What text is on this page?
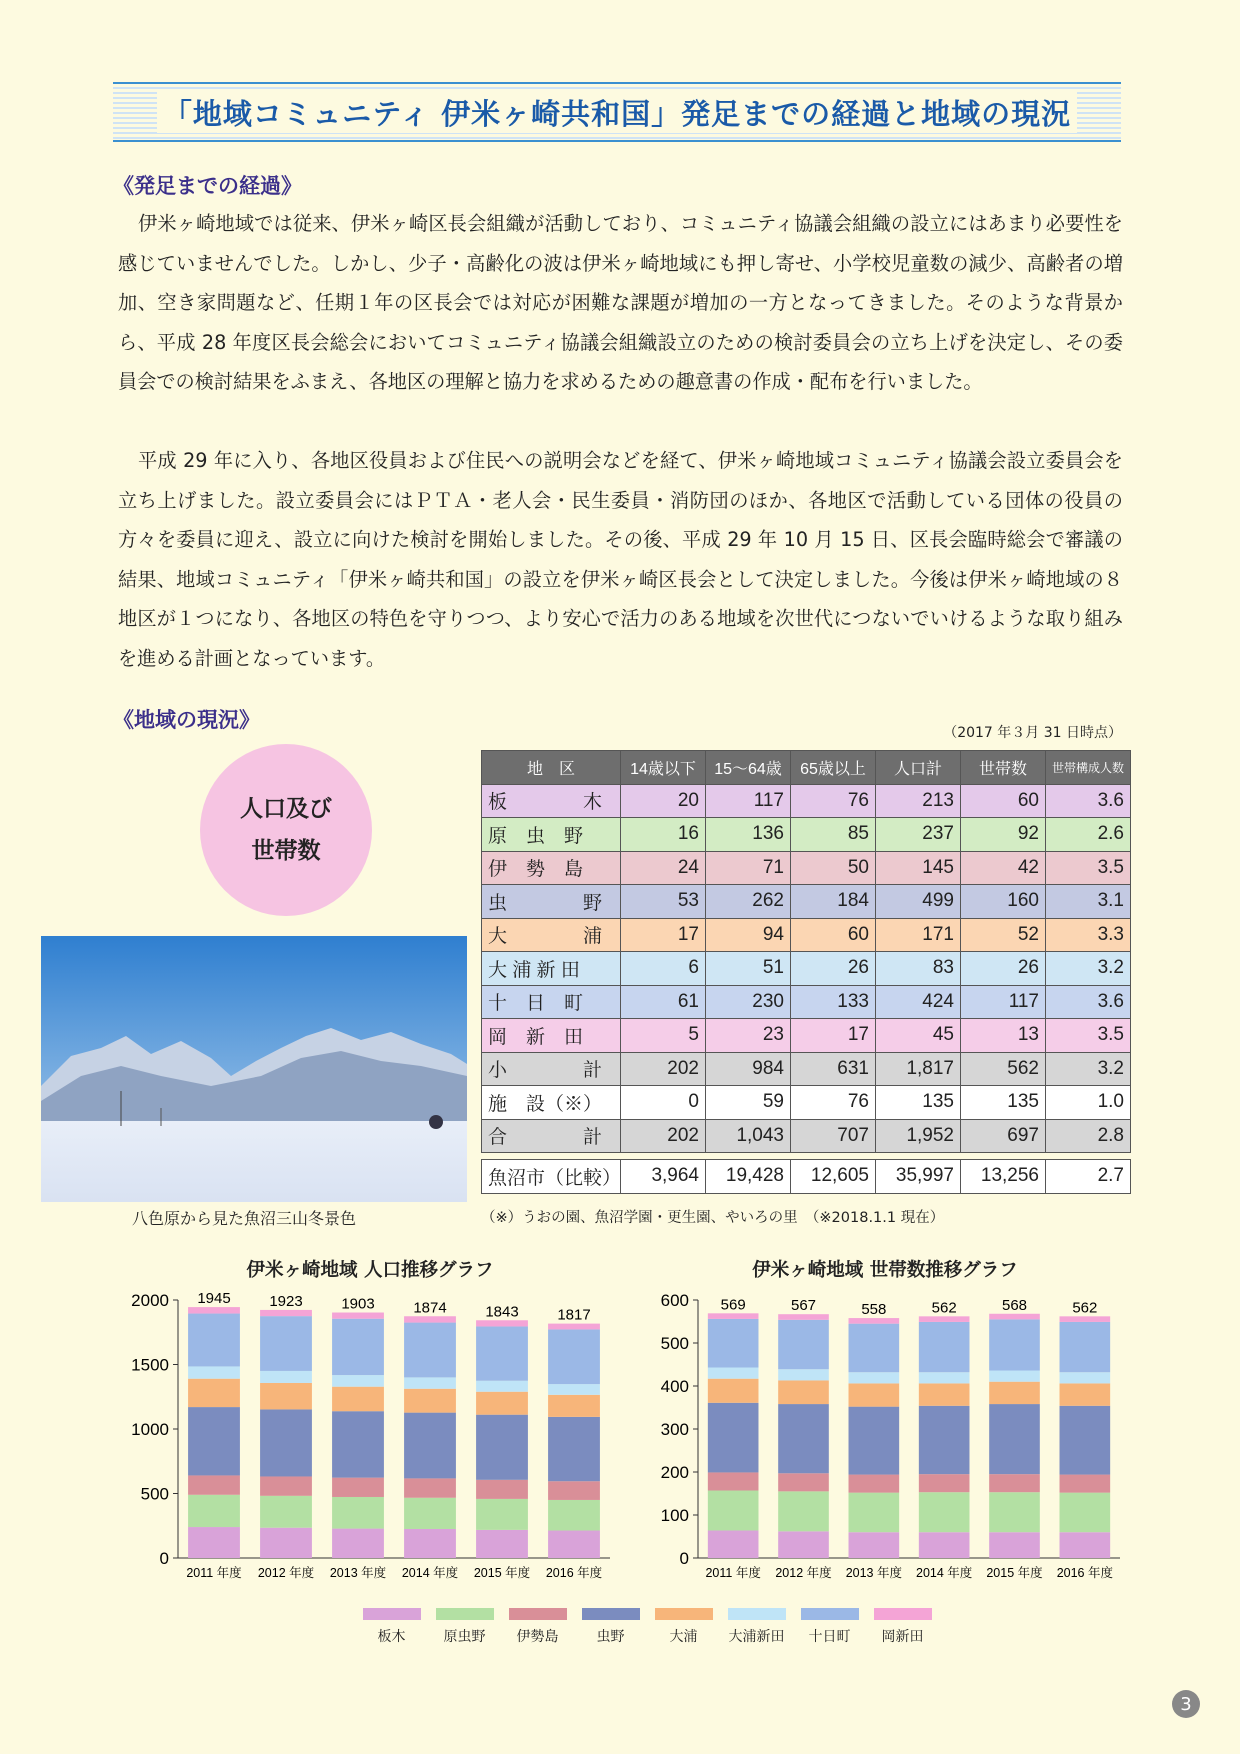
「地域コミュニティ 伊米ヶ崎共和国」発足までの経過と地域の現況
《発足までの経過》

伊米ヶ崎地域では従来、伊米ヶ崎区長会組織が活動しており、コミュニティ協議会組織の設立にはあまり必要性を感じていませんでした。しかし、少子・高齢化の波は伊米ヶ崎地域にも押し寄せ、小学校児童数の減少、高齢者の増加、空き家問題など、任期１年の区長会では対応が困難な課題が増加の一方となってきました。そのような背景から、平成 28 年度区長会総会においてコミュニティ協議会組織設立のための検討委員会の立ち上げを決定し、その委員会での検討結果をふまえ、各地区の理解と協力を求めるための趣意書の作成・配布を行いました。

平成 29 年に入り、各地区役員および住民への説明会などを経て、伊米ヶ崎地域コミュニティ協議会設立委員会を立ち上げました。設立委員会にはＰＴＡ・老人会・民生委員・消防団のほか、各地区で活動している団体の役員の方々を委員に迎え、設立に向けた検討を開始しました。その後、平成 29 年 10 月 15 日、区長会臨時総会で審議の結果、地域コミュニティ「伊米ヶ崎共和国」の設立を伊米ヶ崎区長会として決定しました。今後は伊米ヶ崎地域の８地区が１つになり、各地区の特色を守りつつ、より安心で活力のある地域を次世代につないでいけるような取り組みを進める計画となっています。

《地域の現況》
（2017 年３月 31 日時点）
人口及び
世帯数
八色原から見た魚沼三山冬景色
地　区	14歳以下	15〜64歳	65歳以上	人口計	世帯数	世帯構成人数
板　　　　木	20	117	76	213	60	3.6
原　虫　野	16	136	85	237	92	2.6
伊　勢　島	24	71	50	145	42	3.5
虫　　　　野	53	262	184	499	160	3.1
大　　　　浦	17	94	60	171	52	3.3
大 浦 新 田	6	51	26	83	26	3.2
十　日　町	61	230	133	424	117	3.6
岡　新　田	5	23	17	45	13	3.5
小　　　　計	202	984	631	1,817	562	3.2
施　設（※）	0	59	76	135	135	1.0
合　　　　計	202	1,043	707	1,952	697	2.8

魚沼市（比較）	3,964	19,428	12,605	35,997	13,256	2.7
（※）うおの園、魚沼学園・更生園、やいろの里　（※2018.1.1 現在）
伊米ヶ崎地域 人口推移グラフ	伊米ヶ崎地域 世帯数推移グラフ
0
500
1000
1500
2000
2011 年度
1945
2012 年度
1923
2013 年度
1903
2014 年度
1874
2015 年度
1843
2016 年度
1817
0
100
200
300
400
500
600
2011 年度
569
2012 年度
567
2013 年度
558
2014 年度
562
2015 年度
568
2016 年度
562
板木	原虫野 伊勢島	虫野	大浦 大浦新田 十日町 岡新田
3
